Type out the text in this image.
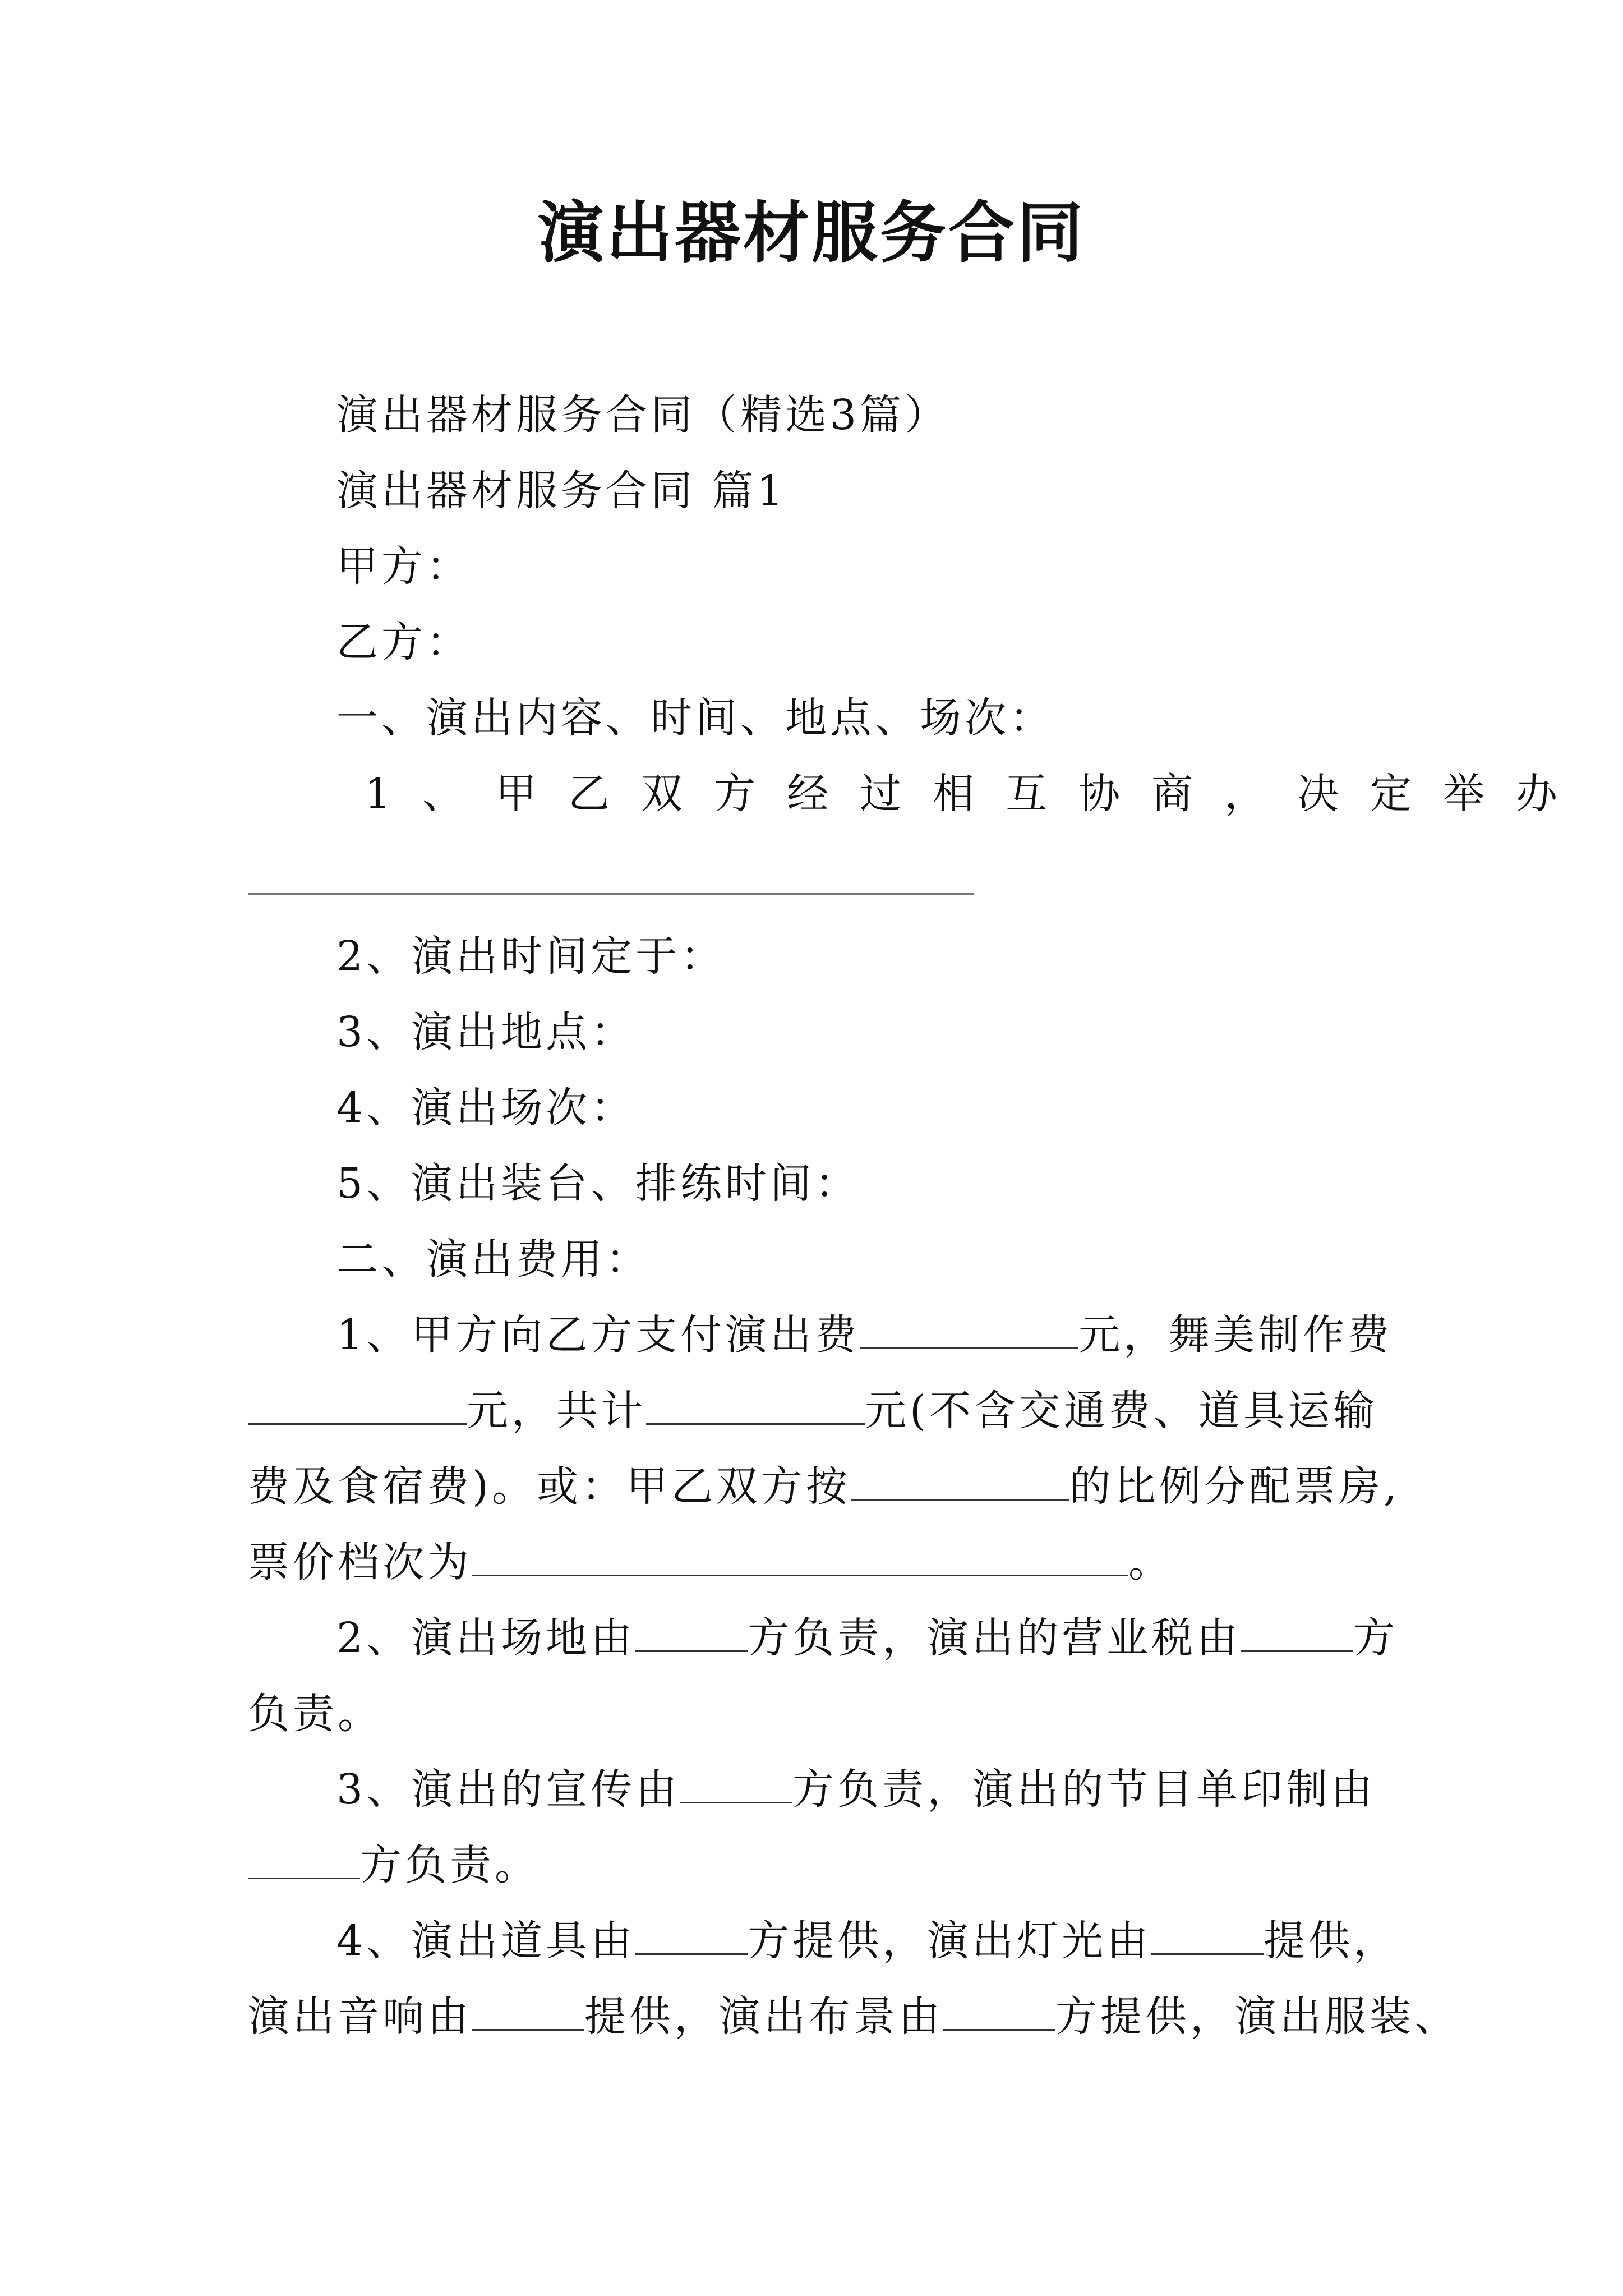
演出器材服务合同
演出器材服务合同（精选3篇）
演出器材服务合同 篇1
甲方：
乙方：
一、演出内容、时间、地点、场次：
1、甲乙双方经过相互协商，决定举办
2、演出时间定于：
3、演出地点：
4、演出场次：
5、演出装台、排练时间：
二、演出费用：
1、甲方向乙方支付演出费	元，舞美制作费
元，共计	元(不含交通费、道具运输
费及食宿费)。或：甲乙双方按	的比例分配票房,
票价档次为	。
2、演出场地由	方负责，演出的营业税由	方
负责。
3、演出的宣传由	方负责，演出的节目单印制由
方负责。
4、演出道具由	方提供，演出灯光由	提供，
演出音响由	提供，演出布景由	方提供，演出服装、
